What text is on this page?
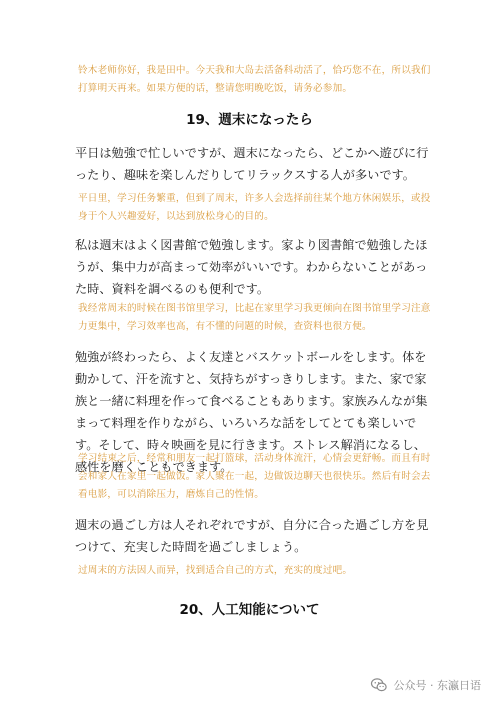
铃木老师你好，我是田中。今天我和大岛去活备科动活了，恰巧您不在，所以我们打算明天再来。如果方便的话，整请您明晚吃饭，请务必参加。

19、週末になったら

平日は勉強で忙しいですが、週末になったら、どこかへ遊びに行ったり、趣味を楽しんだりしてリラックスする人が多いです。

平日里，学习任务繁重，但到了周末，许多人会选择前往某个地方休闲娱乐，或投身于个人兴趣爱好，以达到放松身心的目的。

私は週末はよく図書館で勉強します。家より図書館で勉強したほうが、集中力が高まって効率がいいです。わからないことがあった時、資料を調べるのも便利です。

我经常周末的时候在图书馆里学习，比起在家里学习我更倾向在图书馆里学习注意力更集中，学习效率也高，有不懂的问题的时候，查资料也很方便。

勉強が終わったら、よく友達とバスケットボールをします。体を動かして、汗を流すと、気持ちがすっきりします。また、家で家族と一緒に料理を作って食べることもあります。家族みんなが集まって料理を作りながら、いろいろな話をしてとても楽しいです。そして、時々映画を見に行きます。ストレス解消になるし、感性を磨くこともできます。

学习结束之后，经常和朋友一起打篮球，活动身体流汗，心情会更舒畅。而且有时会和家人在家里一起做饭。家人聚在一起，边做饭边聊天也很快乐。然后有时会去看电影，可以消除压力，磨炼自己的性情。

週末の過ごし方は人それぞれですが、自分に合った過ごし方を見つけて、充実した時間を過ごしましょう。

过周末的方法因人而异，找到适合自己的方式，充实的度过吧。

20、人工知能について
公众号 · 东瀛日语
